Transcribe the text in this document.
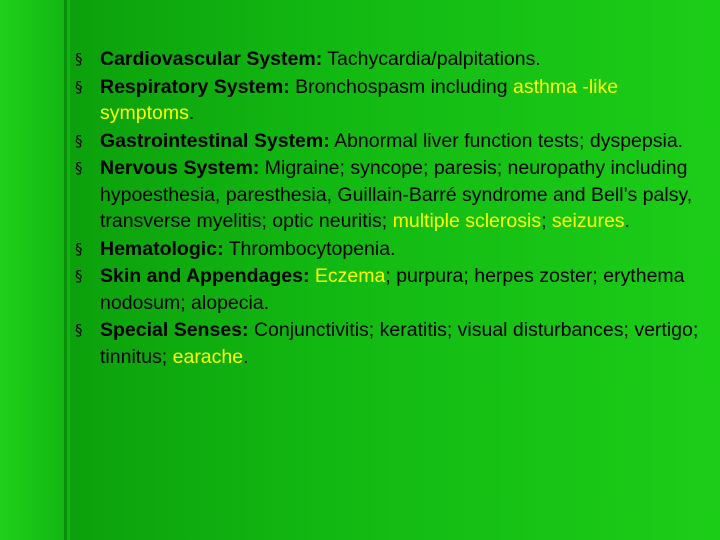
§ Cardiovascular System: Tachycardia/palpitations.
§ Respiratory System: Bronchospasm including asthma -like symptoms.
§ Gastrointestinal System: Abnormal liver function tests; dyspepsia.
§ Nervous System: Migraine; syncope; paresis; neuropathy including hypoesthesia, paresthesia, Guillain-Barré syndrome and Bell’s palsy, transverse myelitis; optic neuritis; multiple sclerosis; seizures.
§ Hematologic: Thrombocytopenia.
§ Skin and Appendages: Eczema; purpura; herpes zoster; erythema nodosum; alopecia.
§ Special Senses: Conjunctivitis; keratitis; visual disturbances; vertigo; tinnitus; earache.
